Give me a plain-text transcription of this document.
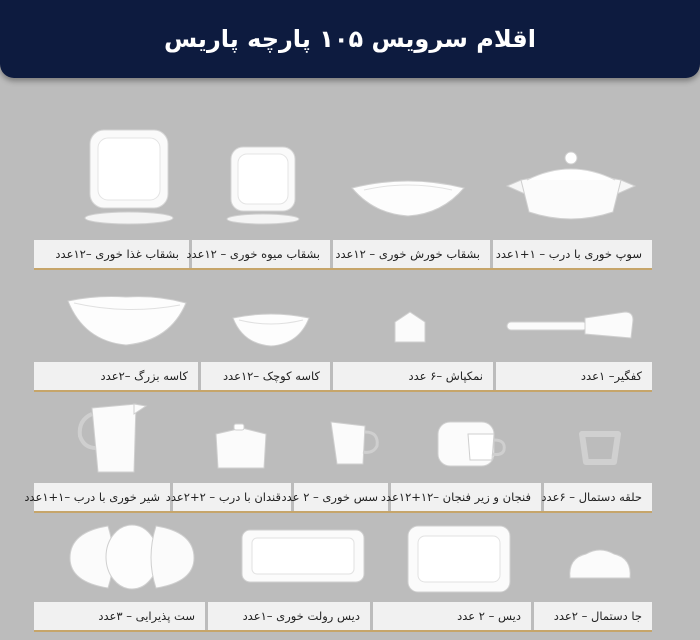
اقلام سرویس ۱۰۵ پارچه پاریس
بشقاب غذا خوری –۱۲عدد بشقاب میوه خوری – ۱۲عدد	بشقاب خورش خوری – ۱۲عدد	سوپ خوری با درب – ۱+۱عدد
کاسه بزرگ –۲عدد	کاسه کوچک –۱۲عدد	نمکپاش –۶ عدد	کفگیر– ۱عدد
شیر خوری با درب –۱+۱عدد قندان با درب – ۲+۲عدد سس خوری – ۲ عدد فنجان و زیر فنجان –۱۲+۱۲عدد حلقه دستمال – ۶عدد
ست پذیرایی – ۳عدد	دیس رولت خوری –۱عدد	دیس – ۲ عدد	جا دستمال – ۲عدد
